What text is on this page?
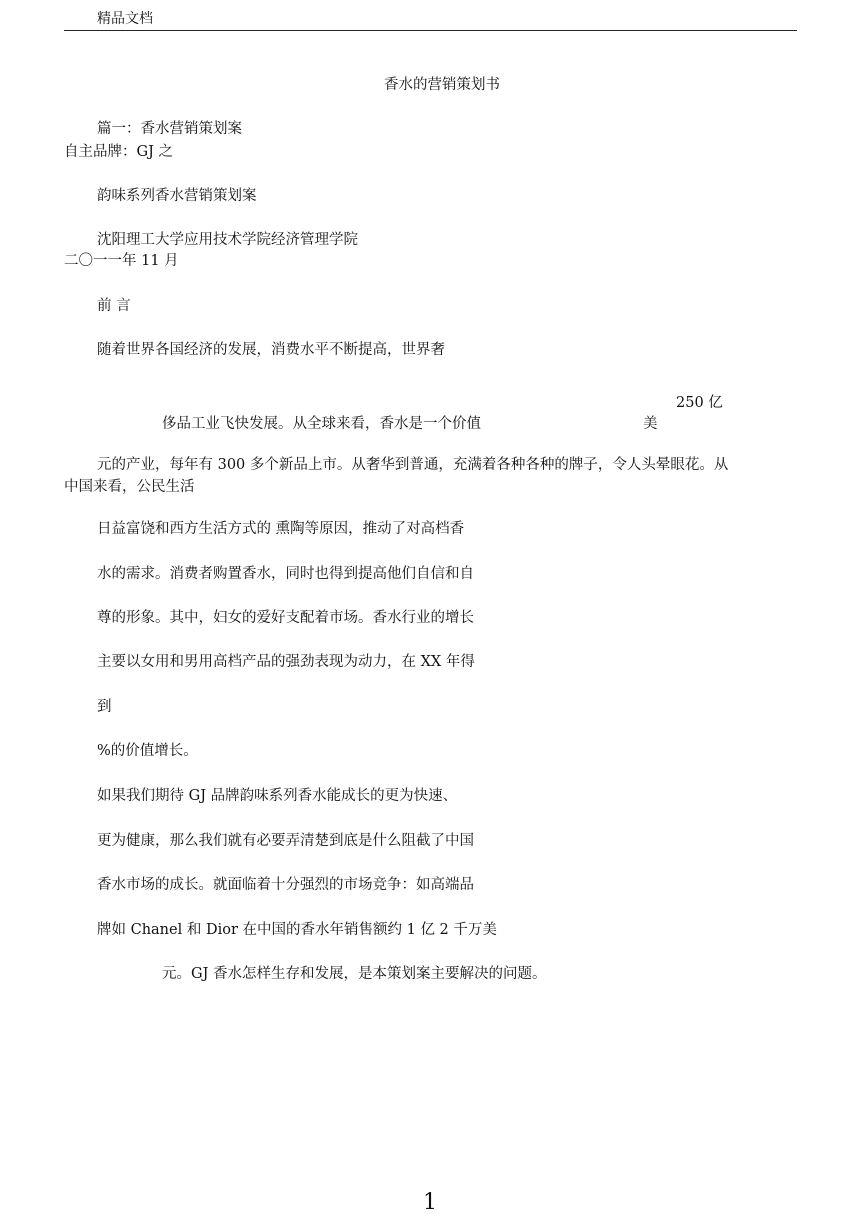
精品文档
香水的营销策划书
篇一：香水营销策划案
自主品牌：GJ 之
韵味系列香水营销策划案
沈阳理工大学应用技术学院经济管理学院
二〇一一年 11 月
前 言
随着世界各国经济的发展，消费水平不断提高，世界奢
250 亿
侈品工业飞快发展。从全球来看，香水是一个价值	美
元的产业，每年有 300 多个新品上市。从奢华到普通，充满着各种各种的牌子，令人头晕眼花。从
中国来看，公民生活
日益富饶和西方生活方式的 熏陶等原因，推动了对高档香
水的需求。消费者购置香水，同时也得到提高他们自信和自
尊的形象。其中，妇女的爱好支配着市场。香水行业的增长
主要以女用和男用高档产品的强劲表现为动力，在 XX 年得
到
%的价值增长。
如果我们期待 GJ 品牌韵味系列香水能成长的更为快速、
更为健康，那么我们就有必要弄清楚到底是什么阻截了中国
香水市场的成长。就面临着十分强烈的市场竞争：如高端品
牌如 Chanel 和 Dior 在中国的香水年销售额约 1 亿 2 千万美
元。GJ 香水怎样生存和发展，是本策划案主要解决的问题。
1
